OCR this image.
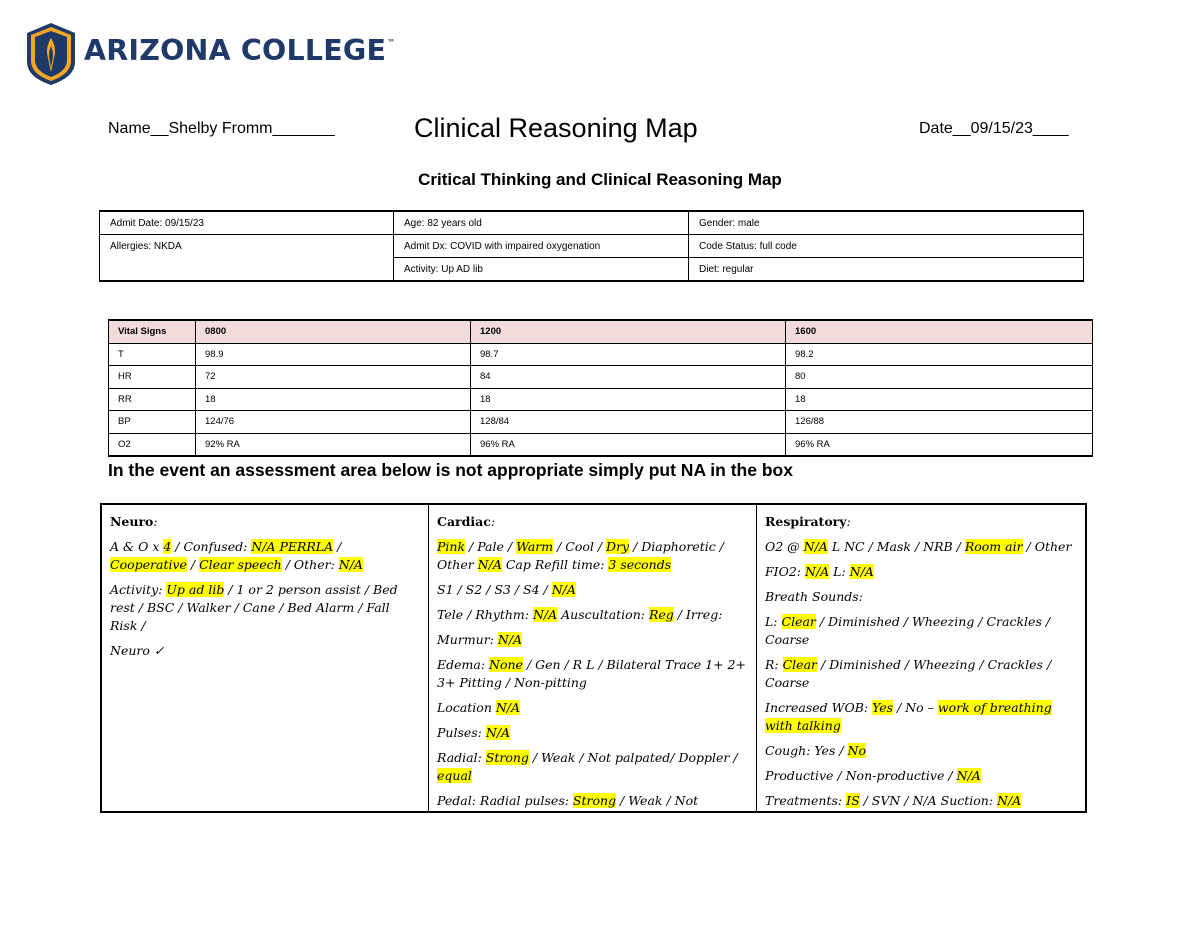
ARIZONA COLLEGE™
Name__Shelby Fromm_______	Clinical Reasoning Map	Date__09/15/23____
Critical Thinking and Clinical Reasoning Map
Admit Date: 09/15/23	Age: 82 years old	Gender: male
Allergies: NKDA	Admit Dx: COVID with impaired oxygenation	Code Status: full code
	Activity: Up AD lib	Diet: regular
Vital Signs	0800	1200	1600
T	98.9	98.7	98.2
HR	72	84	80
RR	18	18	18
BP	124/76	128/84	126/88
O2	92% RA	96% RA	96% RA
In the event an assessment area below is not appropriate simply put NA in the box

Neuro:

A & O x 4 / Confused: N/A PERRLA / Cooperative / Clear speech / Other: N/A

Activity: Up ad lib / 1 or 2 person assist / Bed rest / BSC / Walker / Cane / Bed Alarm / Fall Risk /

Neuro ✓

Cardiac:

Pink / Pale / Warm / Cool / Dry / Diaphoretic / Other N/A Cap Refill time: 3 seconds

S1 / S2 / S3 / S4 / N/A

Tele / Rhythm: N/A Auscultation: Reg / Irreg:

Murmur: N/A

Edema: None / Gen / R L / Bilateral Trace 1+ 2+ 3+ Pitting / Non-pitting

Location N/A

Pulses: N/A

Radial: Strong / Weak / Not palpated/ Doppler / equal

Pedal: Radial pulses: Strong / Weak / Not

Respiratory:

O2 @ N/A L NC / Mask / NRB / Room air / Other

FIO2: N/A L: N/A

Breath Sounds:

L: Clear / Diminished / Wheezing / Crackles / Coarse

R: Clear / Diminished / Wheezing / Crackles / Coarse

Increased WOB: Yes / No – work of breathing with talking

Cough: Yes / No

Productive / Non-productive / N/A

Treatments: IS / SVN / N/A Suction: N/A
